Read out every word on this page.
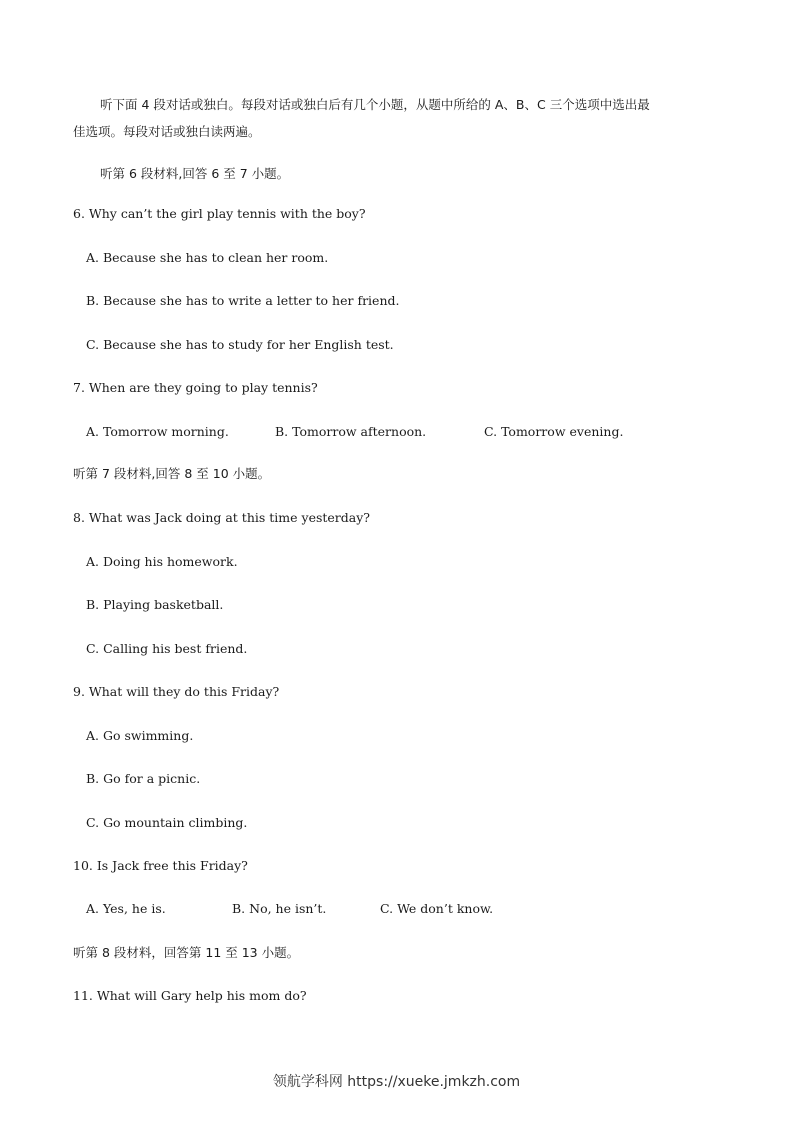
听下面 4 段对话或独白。每段对话或独白后有几个小题，从题中所给的 A、B、C 三个选项中选出最
佳选项。每段对话或独白读两遍。
听第 6 段材料,回答 6 至 7 小题。
6. Why can’t the girl play tennis with the boy?
A. Because she has to clean her room.
B. Because she has to write a letter to her friend.
C. Because she has to study for her English test.
7. When are they going to play tennis?
A. Tomorrow morning.	B. Tomorrow afternoon.	C. Tomorrow evening.
听第 7 段材料,回答 8 至 10 小题。
8. What was Jack doing at this time yesterday?
A. Doing his homework.
B. Playing basketball.
C. Calling his best friend.
9. What will they do this Friday?
A. Go swimming.
B. Go for a picnic.
C. Go mountain climbing.
10. Is Jack free this Friday?
A. Yes, he is.	B. No, he isn’t.	C. We don’t know.
听第 8 段材料，回答第 11 至 13 小题。
11. What will Gary help his mom do?
领航学科网 https://xueke.jmkzh.com
